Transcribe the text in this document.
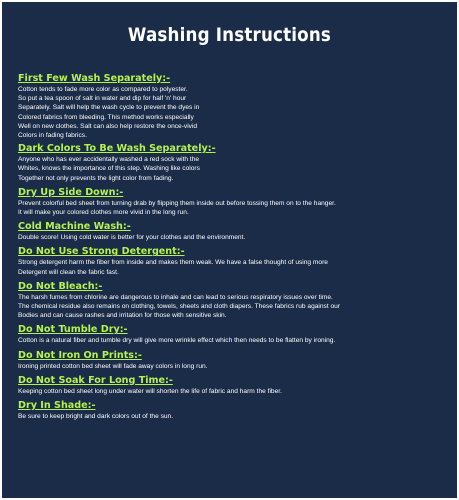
Washing Instructions
First Few Wash Separately:-
Cotton tends to fade more color as compared to polyester.
So put a tea spoon of salt in water and dip for half 'n' hour
Separately. Salt will help the wash cycle to prevent the dyes in
Colored fabrics from bleeding. This method works especially
Well on new clothes. Salt can also help restore the once-vivid
Colors in fading fabrics.
Dark Colors To Be Wash Separately:-
Anyone who has ever accidentally washed a red sock with the
Whites, knows the importance of this step. Washing like colors
Together not only prevents the light color from fading.
Dry Up Side Down:-
Prevent colorful bed sheet from turning drab by flipping them inside out before tossing them on to the hanger.
It will make your colored clothes more vivid in the long run.
Cold Machine Wash:-
Double score! Using cold water is better for your clothes and the environment.
Do Not Use Strong Detergent:-
Strong detergent harm the fiber from inside and makes them weak. We have a false thought of using more
Detergent will clean the fabric fast.
Do Not Bleach:-
The harsh fumes from chlorine are dangerous to inhale and can lead to serious respiratory issues over time.
The chemical residue also remains on clothing, towels, sheets and cloth diapers. These fabrics rub against our
Bodies and can cause rashes and irritation for those with sensitive skin.
Do Not Tumble Dry:-
Cotton is a natural fiber and tumble dry will give more wrinkle effect which then needs to be flatten by ironing.
Do Not Iron On Prints:-
Ironing printed cotton bed sheet will fade away colors in long run.
Do Not Soak For Long Time:-
Keeping cotton bed sheet long under water will shorten the life of fabric and harm the fiber.
Dry In Shade:-
Be sure to keep bright and dark colors out of the sun.
